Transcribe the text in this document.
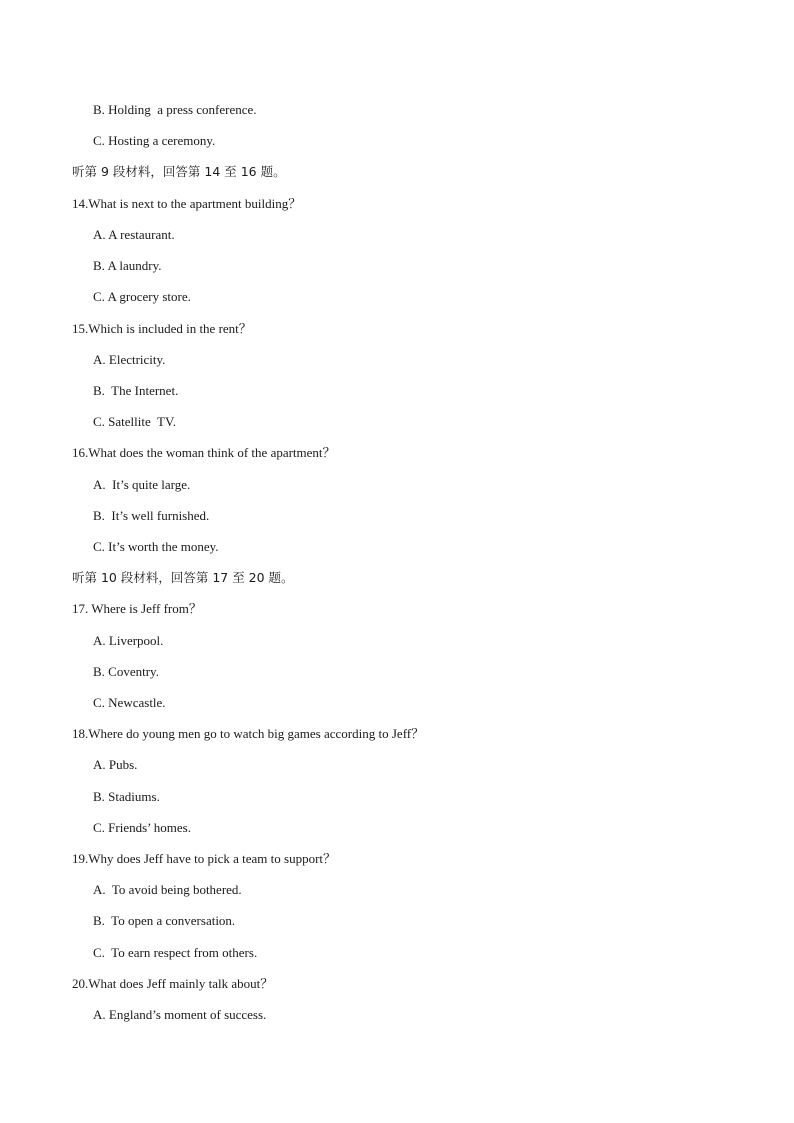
B. Holding  a press conference.
C. Hosting a ceremony.
听第 9 段材料，回答第 14 至 16 题。
14.What is next to the apartment building？
A. A restaurant.
B. A laundry.
C. A grocery store.
15.Which is included in the rent？
A. Electricity.
B.  The Internet.
C. Satellite  TV.
16.What does the woman think of the apartment？
A.  It’s quite large.
B.  It’s well furnished.
C. It’s worth the money.
听第 10 段材料，回答第 17 至 20 题。
17. Where is Jeff from？
A. Liverpool.
B. Coventry.
C. Newcastle.
18.Where do young men go to watch big games according to Jeff？
A. Pubs.
B. Stadiums.
C. Friends’ homes.
19.Why does Jeff have to pick a team to support？
A.  To avoid being bothered.
B.  To open a conversation.
C.  To earn respect from others.
20.What does Jeff mainly talk about？
A. England’s moment of success.
